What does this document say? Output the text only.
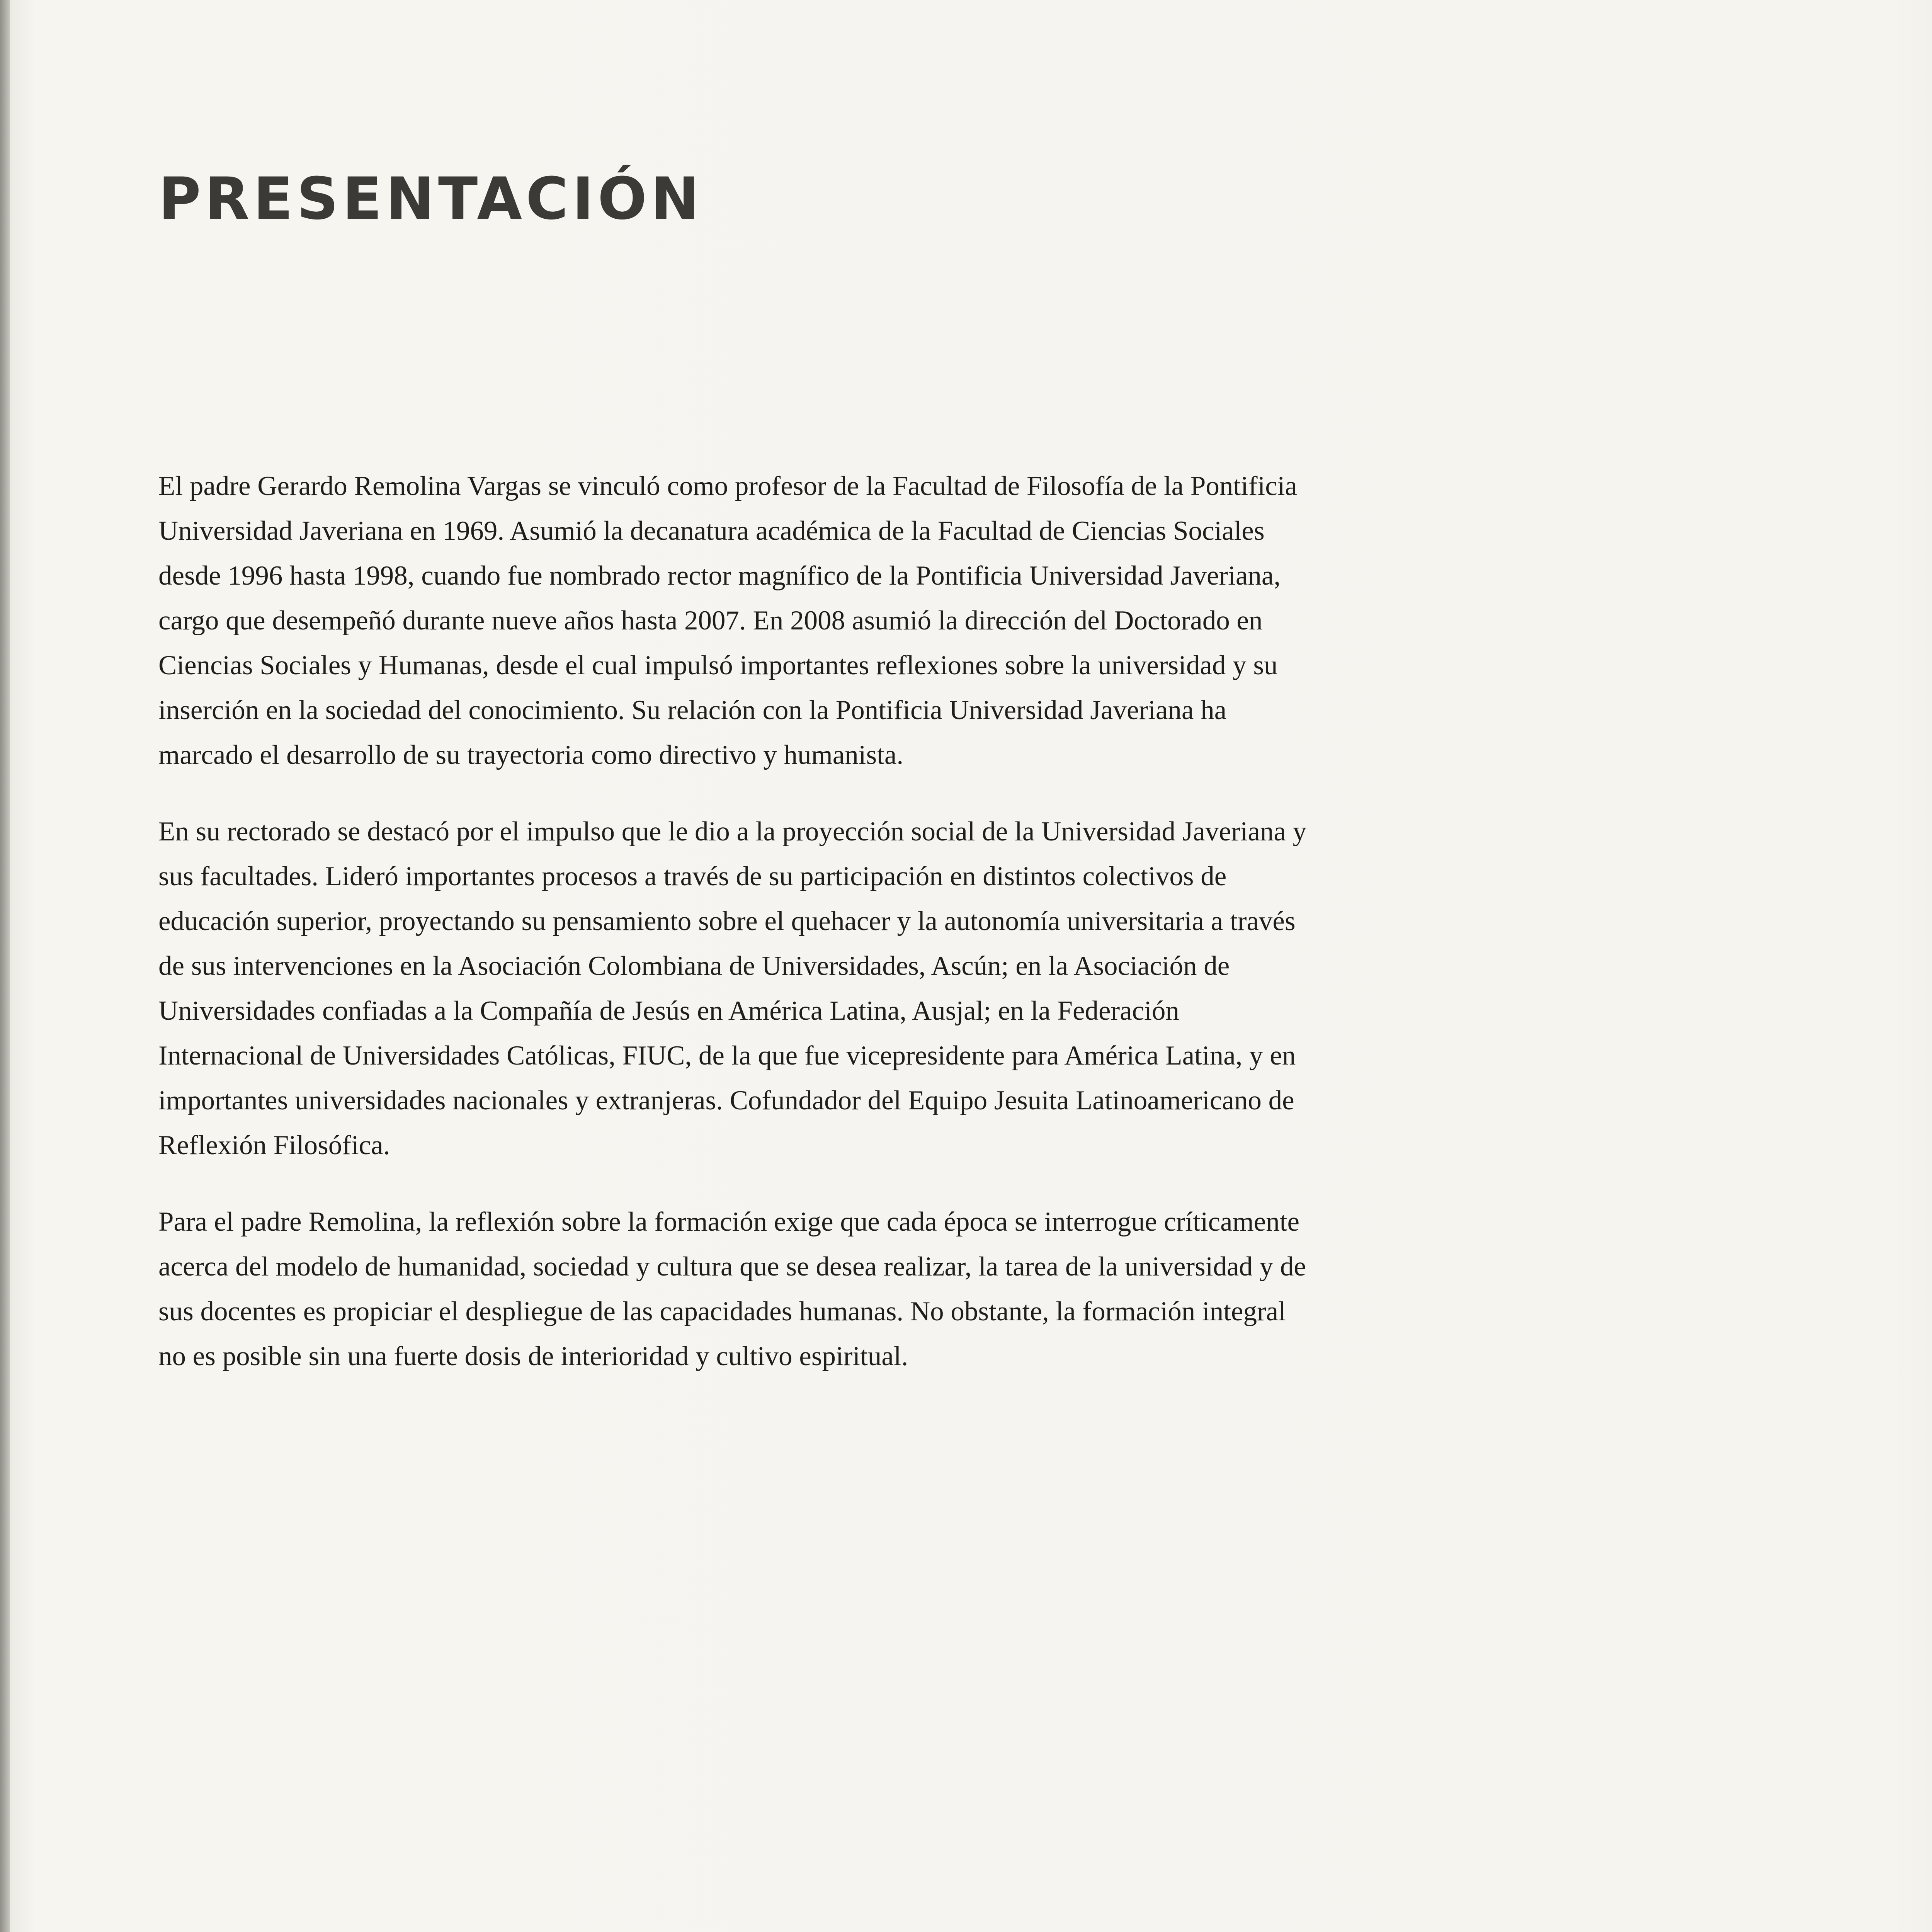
PRESENTACIÓN

El padre Gerardo Remolina Vargas se vinculó como profesor de la Facultad de Filosofía de la Pontificia Universidad Javeriana en 1969. Asumió la decanatura académica de la Facultad de Ciencias Sociales desde 1996 hasta 1998, cuando fue nombrado rector magnífico de la Pontificia Universidad Javeriana, cargo que desempeñó durante nueve años hasta 2007. En 2008 asumió la dirección del Doctorado en Ciencias Sociales y Humanas, desde el cual impulsó importantes reflexiones sobre la universidad y su inserción en la sociedad del conocimiento. Su relación con la Pontificia Universidad Javeriana ha marcado el desarrollo de su trayectoria como directivo y humanista.

En su rectorado se destacó por el impulso que le dio a la proyección social de la Universidad Javeriana y sus facultades. Lideró importantes procesos a través de su participación en distintos colectivos de educación superior, proyectando su pensamiento sobre el quehacer y la autonomía universitaria a través de sus intervenciones en la Asociación Colombiana de Universidades, Ascún; en la Asociación de Universidades confiadas a la Compañía de Jesús en América Latina, Ausjal; en la Federación Internacional de Universidades Católicas, FIUC, de la que fue vicepresidente para América Latina, y en importantes universidades nacionales y extranjeras. Cofundador del Equipo Jesuita Latinoamericano de Reflexión Filosófica.

Para el padre Remolina, la reflexión sobre la formación exige que cada época se interrogue críticamente acerca del modelo de humanidad, sociedad y cultura que se desea realizar, la tarea de la universidad y de sus docentes es propiciar el despliegue de las capacidades humanas. No obstante, la formación integral no es posible sin una fuerte dosis de interioridad y cultivo espiritual.
